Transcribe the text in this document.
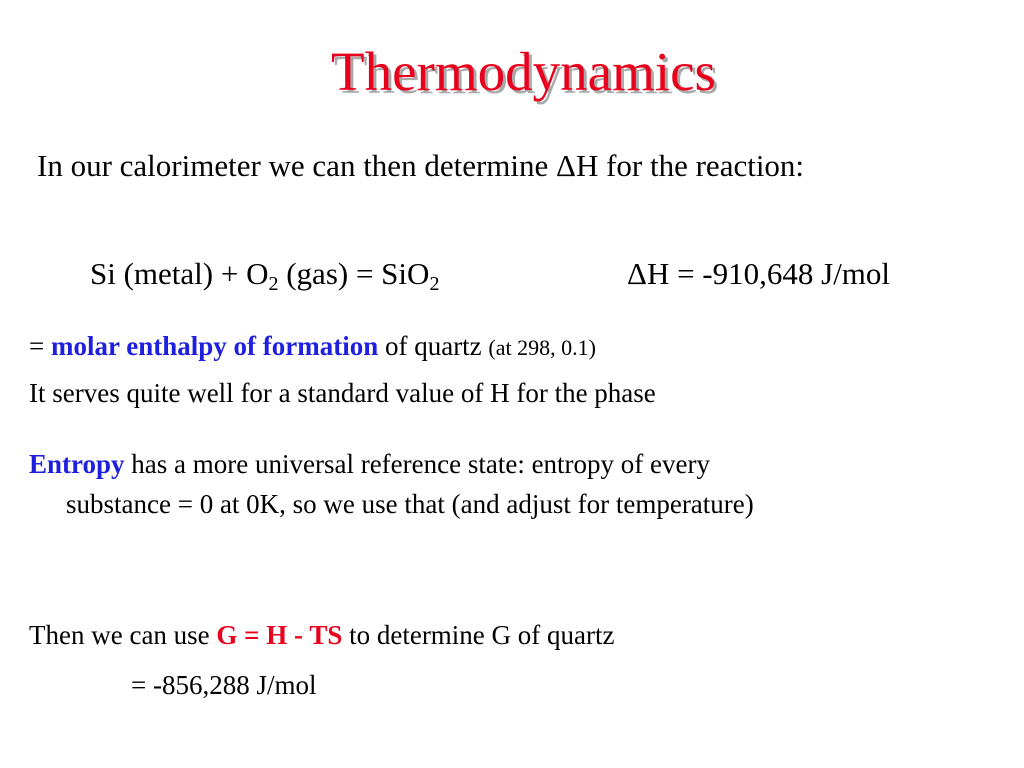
Thermodynamics
In our calorimeter we can then determine ΔH for the reaction:
Si (metal) + $O_2$ (gas) = SiO$_2$	ΔH = -910,648 J/mol
= molar enthalpy of formation of quartz (at 298, 0.1)
It serves quite well for a standard value of H for the phase
Entropy has a more universal reference state: entropy of every
substance = 0 at 0K, so we use that (and adjust for temperature)
Then we can use G = H - TS to determine G of quartz
= -856,288 J/mol
